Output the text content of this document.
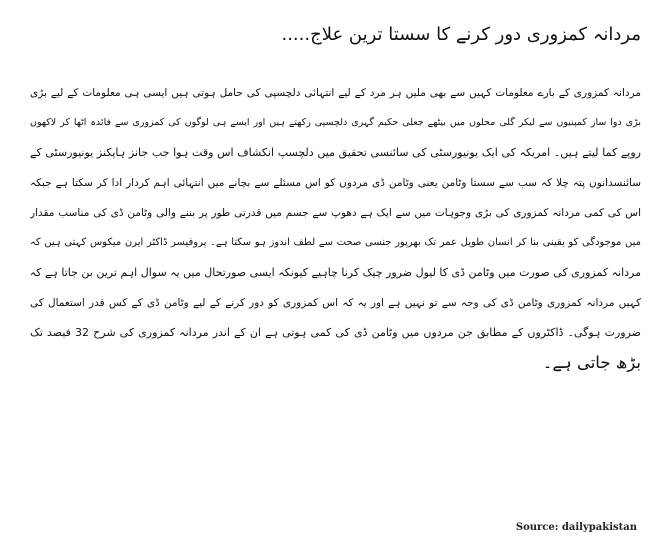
مردانہ کمزوری دور کرنے کا سستا ترین علاج.....
مردانہ کمزوری کے بارے معلومات کہیں سے بھی ملیں ہر مرد کے لیے انتہائی دلچسپی کی حامل ہوتی ہیں ایسی ہی معلومات کے لیے بڑی
بڑی دوا ساز کمپنیوں سے لیکر گلی محلوں میں بیٹھے جعلی حکیم گہری دلچسپی رکھتے ہیں اور ایسے ہی لوگوں کی کمزوری سے فائدہ اٹھا کر لاکھوں
روپے کما لیتے ہیں۔ امریکہ کی ایک یونیورسٹی کی سائنسی تحقیق میں دلچسپ انکشاف اس وقت ہوا جب جانز ہاپکنز یونیورسٹی کے
سائنسدانوں پتہ چلا کہ سب سے سستا وٹامن یعنی وٹامن ڈی مردوں کو اس مسئلے سے بچانے میں انتہائی اہم کردار ادا کر سکتا ہے جبکہ
اس کی کمی مردانہ کمزوری کی بڑی وجوہات میں سے ایک ہے دھوپ سے جسم میں قدرتی طور پر بننے والی وٹامن ڈی کی مناسب مقدار
میں موجودگی کو یقینی بنا کر انسان طویل عمر تک بھرپور جنسی صحت سے لطف اندوز ہو سکتا ہے۔ پروفیسر ڈاکٹر ایرن میکوس کہتی ہیں کہ
مردانہ کمزوری کی صورت میں وٹامن ڈی کا لیول ضرور چیک کرنا چاہیے کیونکہ ایسی صورتحال میں یہ سوال اہم ترین بن جاتا ہے کہ
کہیں مردانہ کمزوری وٹامن ڈی کی وجہ سے تو نہیں ہے اور یہ کہ اس کمزوری کو دور کرنے کے لیے وٹامن ڈی کے کس قدر استعمال کی
ضرورت ہوگی۔ ڈاکٹروں کے مطابق جن مردوں میں وٹامن ڈی کی کمی ہوتی ہے ان کے اندر مردانہ کمزوری کی شرح 32 فیصد تک
بڑھ جاتی ہے۔
Source: dailypakistan
